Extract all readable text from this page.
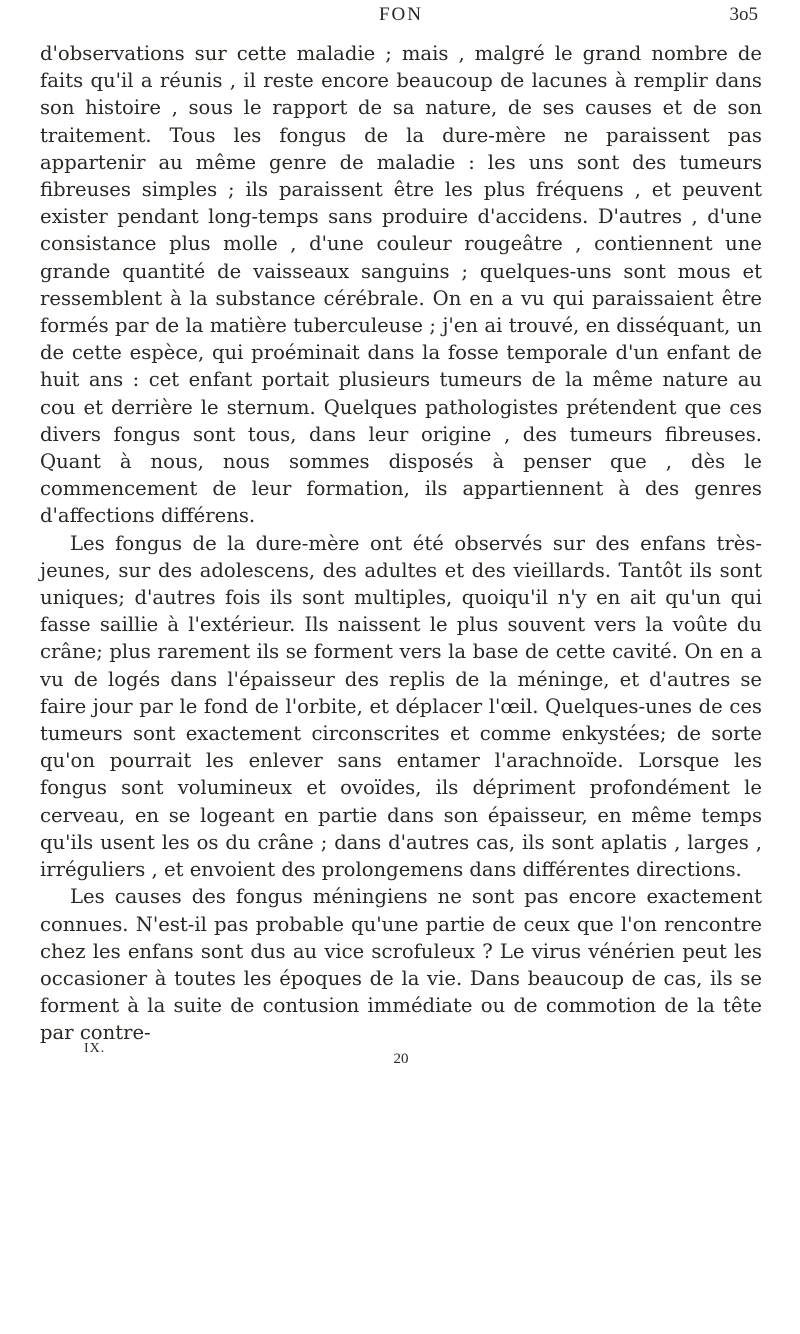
FON	3o5

d'observations sur cette maladie ; mais , malgré le grand nombre de faits qu'il a réunis , il reste encore beaucoup de lacunes à remplir dans son histoire , sous le rapport de sa nature, de ses causes et de son traitement. Tous les fongus de la dure-mère ne paraissent pas appartenir au même genre de maladie : les uns sont des tumeurs fibreuses simples ; ils paraissent être les plus fréquens , et peuvent exister pendant long-temps sans produire d'accidens. D'autres , d'une consistance plus molle , d'une couleur rougeâtre , contiennent une grande quantité de vaisseaux sanguins ; quelques-uns sont mous et ressemblent à la substance cérébrale. On en a vu qui paraissaient être formés par de la matière tuberculeuse ; j'en ai trouvé, en disséquant, un de cette espèce, qui proéminait dans la fosse temporale d'un enfant de huit ans : cet enfant portait plusieurs tumeurs de la même nature au cou et derrière le sternum. Quelques pathologistes prétendent que ces divers fongus sont tous, dans leur origine , des tumeurs fibreuses. Quant à nous, nous sommes disposés à penser que , dès le commencement de leur formation, ils appartiennent à des genres d'affections différens.

Les fongus de la dure-mère ont été observés sur des enfans très-jeunes, sur des adolescens, des adultes et des vieillards. Tantôt ils sont uniques; d'autres fois ils sont multiples, quoiqu'il n'y en ait qu'un qui fasse saillie à l'extérieur. Ils naissent le plus souvent vers la voûte du crâne; plus rarement ils se forment vers la base de cette cavité. On en a vu de logés dans l'épaisseur des replis de la méninge, et d'autres se faire jour par le fond de l'orbite, et déplacer l'œil. Quelques-unes de ces tumeurs sont exactement circonscrites et comme enkystées; de sorte qu'on pourrait les enlever sans entamer l'arachnoïde. Lorsque les fongus sont volumineux et ovoïdes, ils dépriment profondément le cerveau, en se logeant en partie dans son épaisseur, en même temps qu'ils usent les os du crâne ; dans d'autres cas, ils sont aplatis , larges , irréguliers , et envoient des prolongemens dans différentes directions.

Les causes des fongus méningiens ne sont pas encore exactement connues. N'est-il pas probable qu'une partie de ceux que l'on rencontre chez les enfans sont dus au vice scrofuleux ? Le virus vénérien peut les occasioner à toutes les époques de la vie. Dans beaucoup de cas, ils se forment à la suite de contusion immédiate ou de commotion de la tête par contre-

IX.
20
